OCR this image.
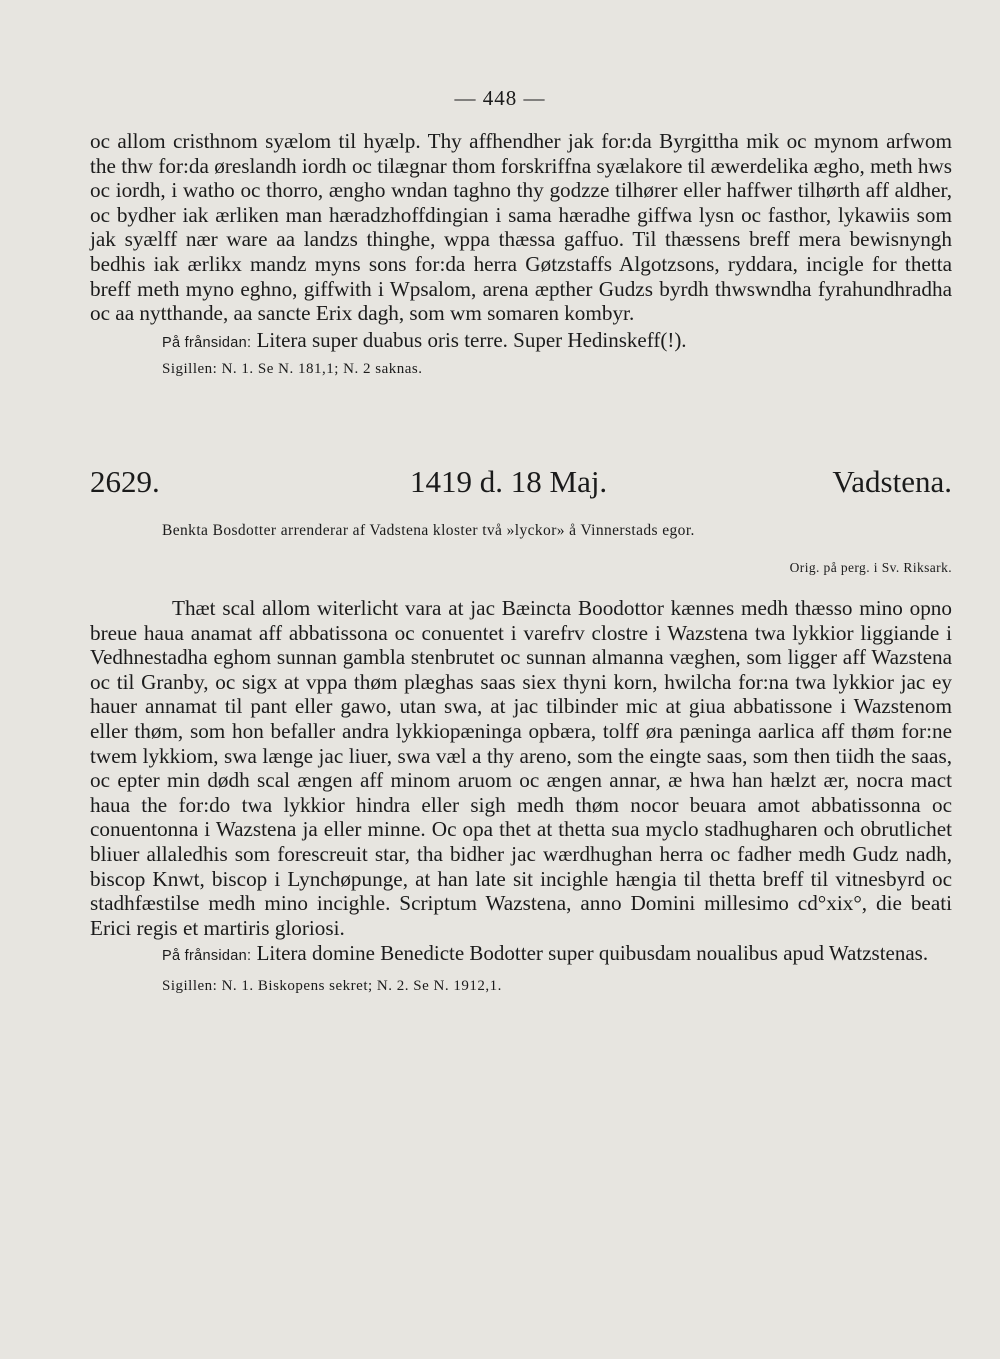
— 448 —

oc allom cristhnom syælom til hyælp. Thy affhendher jak for:da Byrgittha mik oc mynom arfwom the thw for:da øreslandh iordh oc tilægnar thom forskriffna syælakore til æwerdelika ægho, meth hws oc iordh, i watho oc thorro, ængho wndan taghno thy godzze tilhører eller haffwer tilhørth aff aldher, oc bydher iak ærliken man hæradzhoffdingian i sama hæradhe giffwa lysn oc fasthor, lykawiis som jak syælff nær ware aa landzs thinghe, wppa thæssa gaffuo. Til thæssens breff mera bewisnyngh bedhis iak ærlikx mandz myns sons for:da herra Gøtzstaffs Algotzsons, ryddara, incigle for thetta breff meth myno eghno, giffwith i Wpsalom, arena æpther Gudzs byrdh thwswndha fyrahundhradha oc aa nytthande, aa sancte Erix dagh, som wm somaren kombyr.

På frånsidan: Litera super duabus oris terre. Super Hedinskeff(!).

Sigillen: N. 1. Se N. 181,1; N. 2 saknas.

2629.	1419 d. 18 Maj.	Vadstena.
Benkta Bosdotter arrenderar af Vadstena kloster två »lyckor» å Vinnerstads egor.
Orig. på perg. i Sv. Riksark.

Thæt scal allom witerlicht vara at jac Bæincta Boodottor kænnes medh thæsso mino opno breue haua anamat aff abbatissona oc conuentet i varefrv clostre i Wazstena twa lykkior liggiande i Vedhnestadha eghom sunnan gambla stenbrutet oc sunnan almanna væghen, som ligger aff Wazstena oc til Granby, oc sigx at vppa thøm plæghas saas siex thyni korn, hwilcha for:na twa lykkior jac ey hauer annamat til pant eller gawo, utan swa, at jac tilbinder mic at giua abbatissone i Wazstenom eller thøm, som hon befaller andra lykkiopæninga opbæra, tolff øra pæninga aarlica aff thøm for:ne twem lykkiom, swa længe jac liuer, swa væl a thy areno, som the eingte saas, som then tiidh the saas, oc epter min dødh scal ængen aff minom aruom oc ængen annar, æ hwa han hælzt ær, nocra mact haua the for:do twa lykkior hindra eller sigh medh thøm nocor beuara amot abbatissonna oc conuentonna i Wazstena ja eller minne. Oc opa thet at thetta sua myclo stadhugharen och obrutlichet bliuer allaledhis som forescreuit star, tha bidher jac wærdhughan herra oc fadher medh Gudz nadh, biscop Knwt, biscop i Lynchøpunge, at han late sit incighle hængia til thetta breff til vitnesbyrd oc stadhfæstilse medh mino incighle. Scriptum Wazstena, anno Domini millesimo cd°xix°, die beati Erici regis et martiris gloriosi.

På frånsidan: Litera domine Benedicte Bodotter super quibusdam noualibus apud Watzstenas.

Sigillen: N. 1. Biskopens sekret; N. 2. Se N. 1912,1.
